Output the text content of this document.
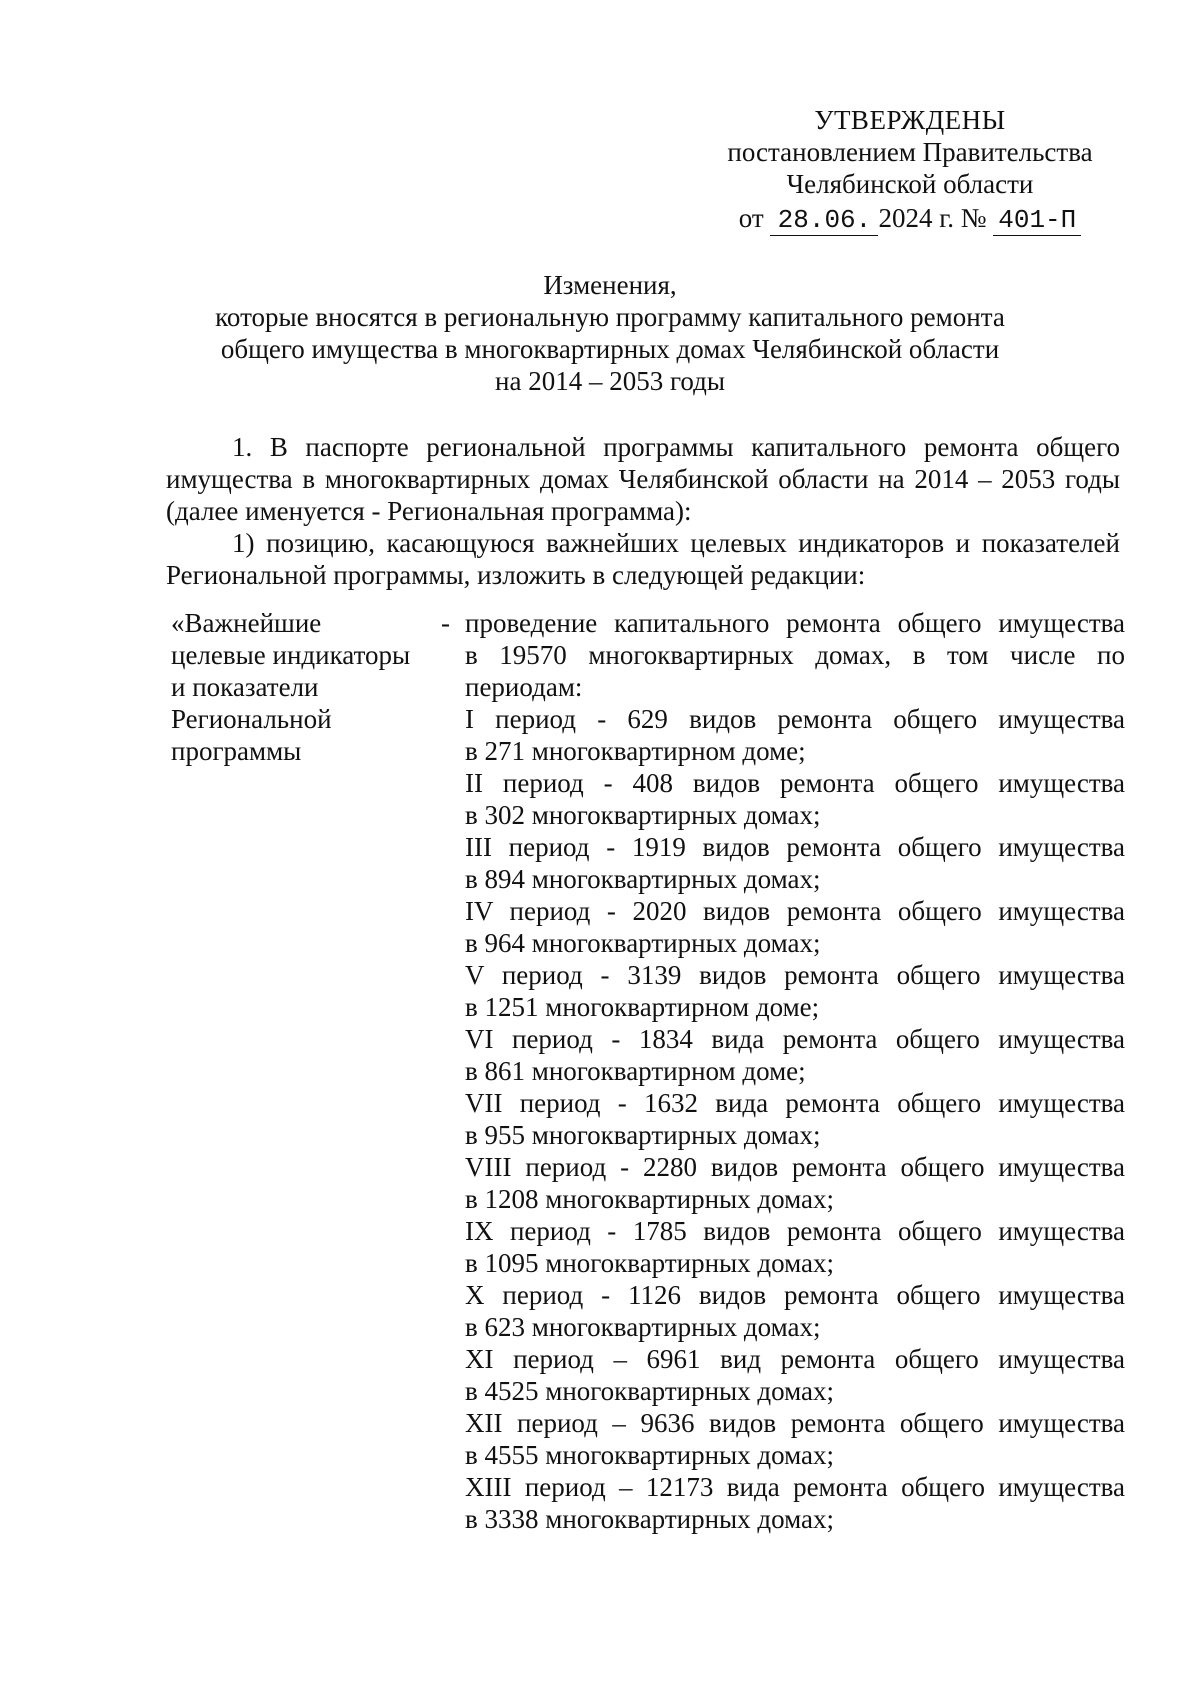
УТВЕРЖДЕНЫ
постановлением Правительства
Челябинской области
от 28.06. 2024 г. № 401-П
Изменения,
которые вносятся в региональную программу капитального ремонта
общего имущества в многоквартирных домах Челябинской области
на 2014 – 2053 годы

1. В паспорте региональной программы капитального ремонта общего имущества в многоквартирных домах Челябинской области на 2014 – 2053 годы (далее именуется - Региональная программа):

1) позицию, касающуюся важнейших целевых индикаторов и показателей Региональной программы, изложить в следующей редакции:

«Важнейшие
целевые индикаторы
и показатели
Региональной
программы
- проведение капитального ремонта общего имущества
в 19570 многоквартирных домах, в том числе по
периодам:
I период - 629 видов ремонта общего имущества
в 271 многоквартирном доме;
II период - 408 видов ремонта общего имущества
в 302 многоквартирных домах;
III период - 1919 видов ремонта общего имущества
в 894 многоквартирных домах;
IV период - 2020 видов ремонта общего имущества
в 964 многоквартирных домах;
V период - 3139 видов ремонта общего имущества
в 1251 многоквартирном доме;
VI период - 1834 вида ремонта общего имущества
в 861 многоквартирном доме;
VII период - 1632 вида ремонта общего имущества
в 955 многоквартирных домах;
VIII период - 2280 видов ремонта общего имущества
в 1208 многоквартирных домах;
IX период - 1785 видов ремонта общего имущества
в 1095 многоквартирных домах;
X период - 1126 видов ремонта общего имущества
в 623 многоквартирных домах;
XI период – 6961 вид ремонта общего имущества
в 4525 многоквартирных домах;
XII период – 9636 видов ремонта общего имущества
в 4555 многоквартирных домах;
XIII период – 12173 вида ремонта общего имущества
в 3338 многоквартирных домах;
